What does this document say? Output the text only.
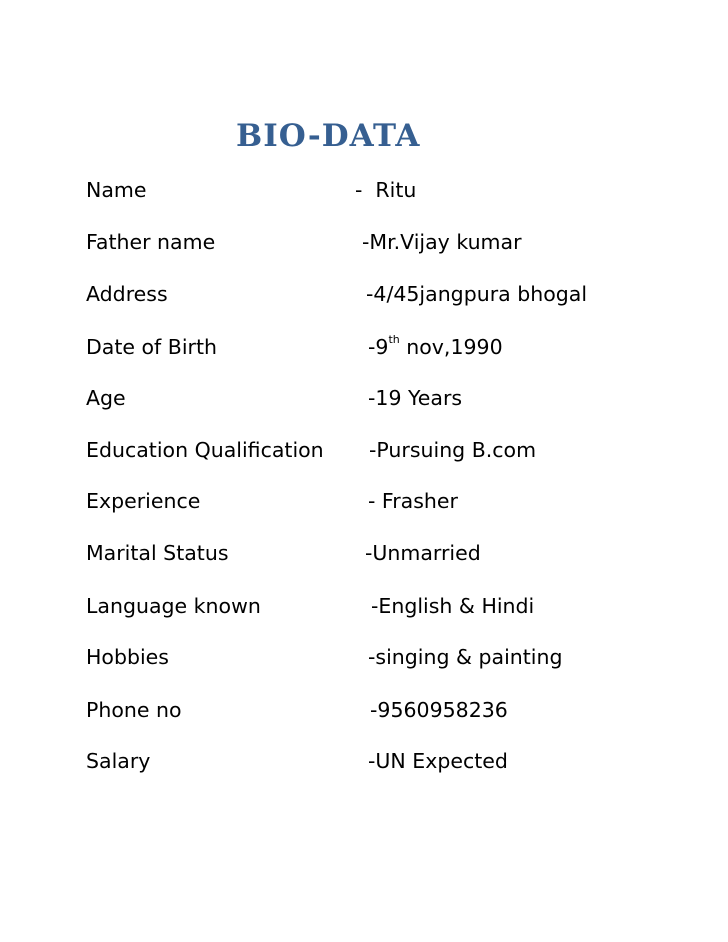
BIO-DATA
Name	-  Ritu
Father name	-Mr.Vijay kumar
Address	-4/45jangpura bhogal
Date of Birth	-9th nov,1990
Age	-19 Years
Education Qualification -Pursuing B.com
Experience	- Frasher
Marital Status	-Unmarried
Language known	-English & Hindi
Hobbies	-singing & painting
Phone no	-9560958236
Salary	-UN Expected
